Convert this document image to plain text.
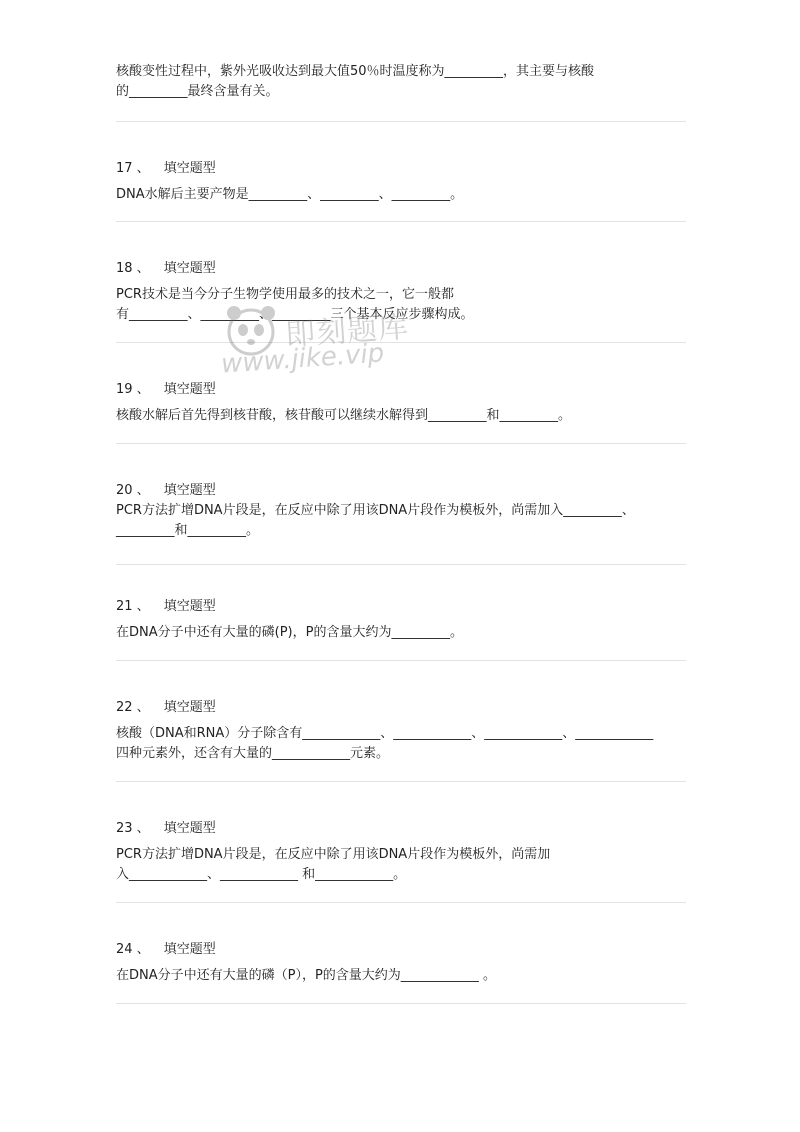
核酸变性过程中，紫外光吸收达到最大值50％时温度称为_________，其主要与核酸

的_________最终含量有关。

17 、 填空题型

DNA水解后主要产物是_________、_________、_________。

18 、 填空题型

PCR技术是当今分子生物学使用最多的技术之一，它一般都

有_________、_________、_________三个基本反应步骤构成。

19 、 填空题型

核酸水解后首先得到核苷酸，核苷酸可以继续水解得到_________和_________。

20 、 填空题型

PCR方法扩增DNA片段是，在反应中除了用该DNA片段作为模板外，尚需加入_________、

_________和_________。

21 、 填空题型

在DNA分子中还有大量的磷(P)，P的含量大约为_________。

22 、 填空题型

核酸（DNA和RNA）分子除含有____________、____________、____________、____________

四种元素外，还含有大量的____________元素。

23 、 填空题型

PCR方法扩增DNA片段是，在反应中除了用该DNA片段作为模板外，尚需加

入____________、____________ 和____________。

24 、 填空题型

在DNA分子中还有大量的磷（P），P的含量大约为____________ 。

即刻题库
www.jike.vip
